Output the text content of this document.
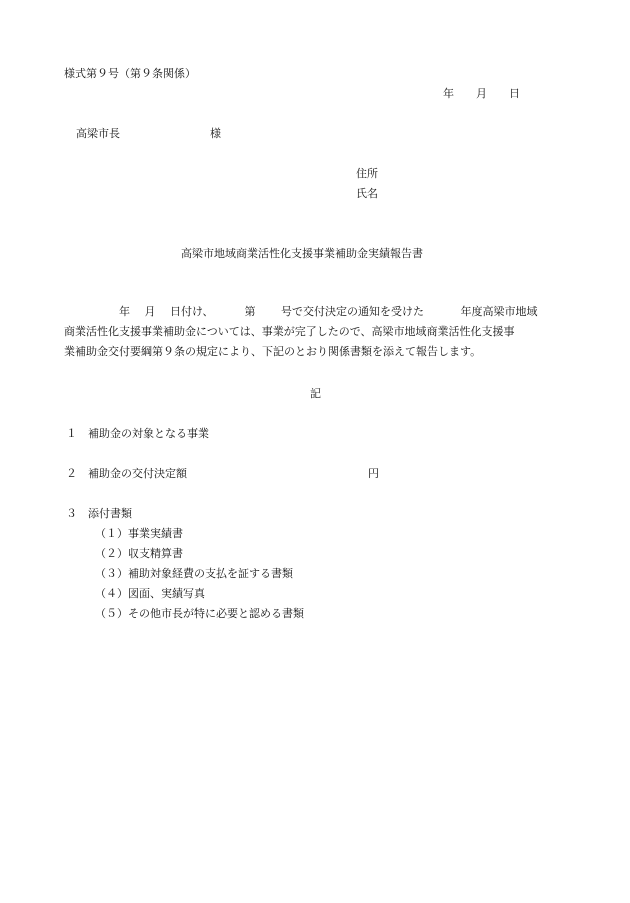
様式第９号（第９条関係）
年　　月　　日
高梁市長	様
住所
氏名
高梁市地域商業活性化支援事業補助金実績報告書
　　　　　年　 月　 日付け、　　　 第　　 号で交付決定の通知を受けた　　　 年度高梁市地域
商業活性化支援事業補助金については、事業が完了したので、高梁市地域商業活性化支援事
業補助金交付要綱第９条の規定により、下記のとおり関係書類を添えて報告します。
記
１ 補助金の対象となる事業
２ 補助金の交付決定額	円
３ 添付書類
（１）事業実績書
（２）収支精算書
（３）補助対象経費の支払を証する書類
（４）図面、実績写真
（５）その他市長が特に必要と認める書類
